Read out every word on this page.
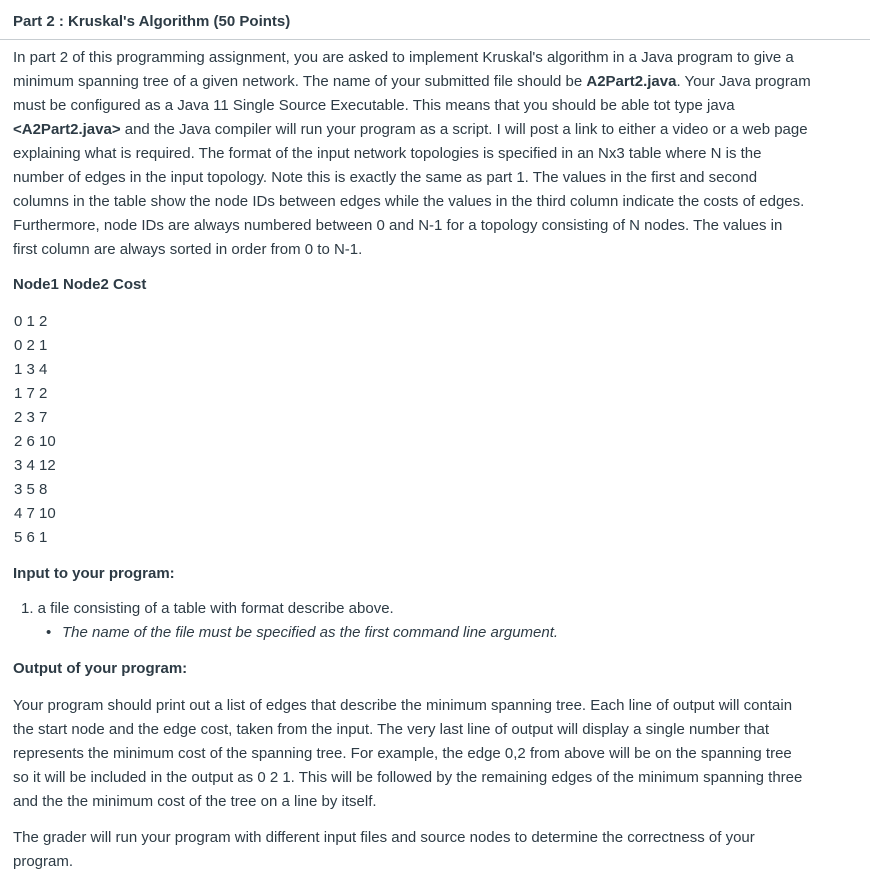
Part 2 : Kruskal's Algorithm (50 Points)

In part 2 of this programming assignment, you are asked to implement Kruskal's algorithm in a Java program to give a
minimum spanning tree of a given network. The name of your submitted file should be A2Part2.java. Your Java program
must be configured as a Java 11 Single Source Executable. This means that you should be able tot type java
<A2Part2.java> and the Java compiler will run your program as a script. I will post a link to either a video or a web page
explaining what is required. The format of the input network topologies is specified in an Nx3 table where N is the
number of edges in the input topology. Note this is exactly the same as part 1. The values in the first and second
columns in the table show the node IDs between edges while the values in the third column indicate the costs of edges.
Furthermore, node IDs are always numbered between 0 and N-1 for a topology consisting of N nodes. The values in
first column are always sorted in order from 0 to N-1.

Node1 Node2 Cost
0 1 2
0 2 1
1 3 4
1 7 2
2 3 7
2 6 10
3 4 12
3 5 8
4 7 10
5 6 1
Input to your program:
1. a file consisting of a table with format describe above.
• The name of the file must be specified as the first command line argument.
Output of your program:

Your program should print out a list of edges that describe the minimum spanning tree. Each line of output will contain
the start node and the edge cost, taken from the input. The very last line of output will display a single number that
represents the minimum cost of the spanning tree. For example, the edge 0,2 from above will be on the spanning tree
so it will be included in the output as 0 2 1. This will be followed by the remaining edges of the minimum spanning three
and the the minimum cost of the tree on a line by itself.

The grader will run your program with different input files and source nodes to determine the correctness of your
program.
